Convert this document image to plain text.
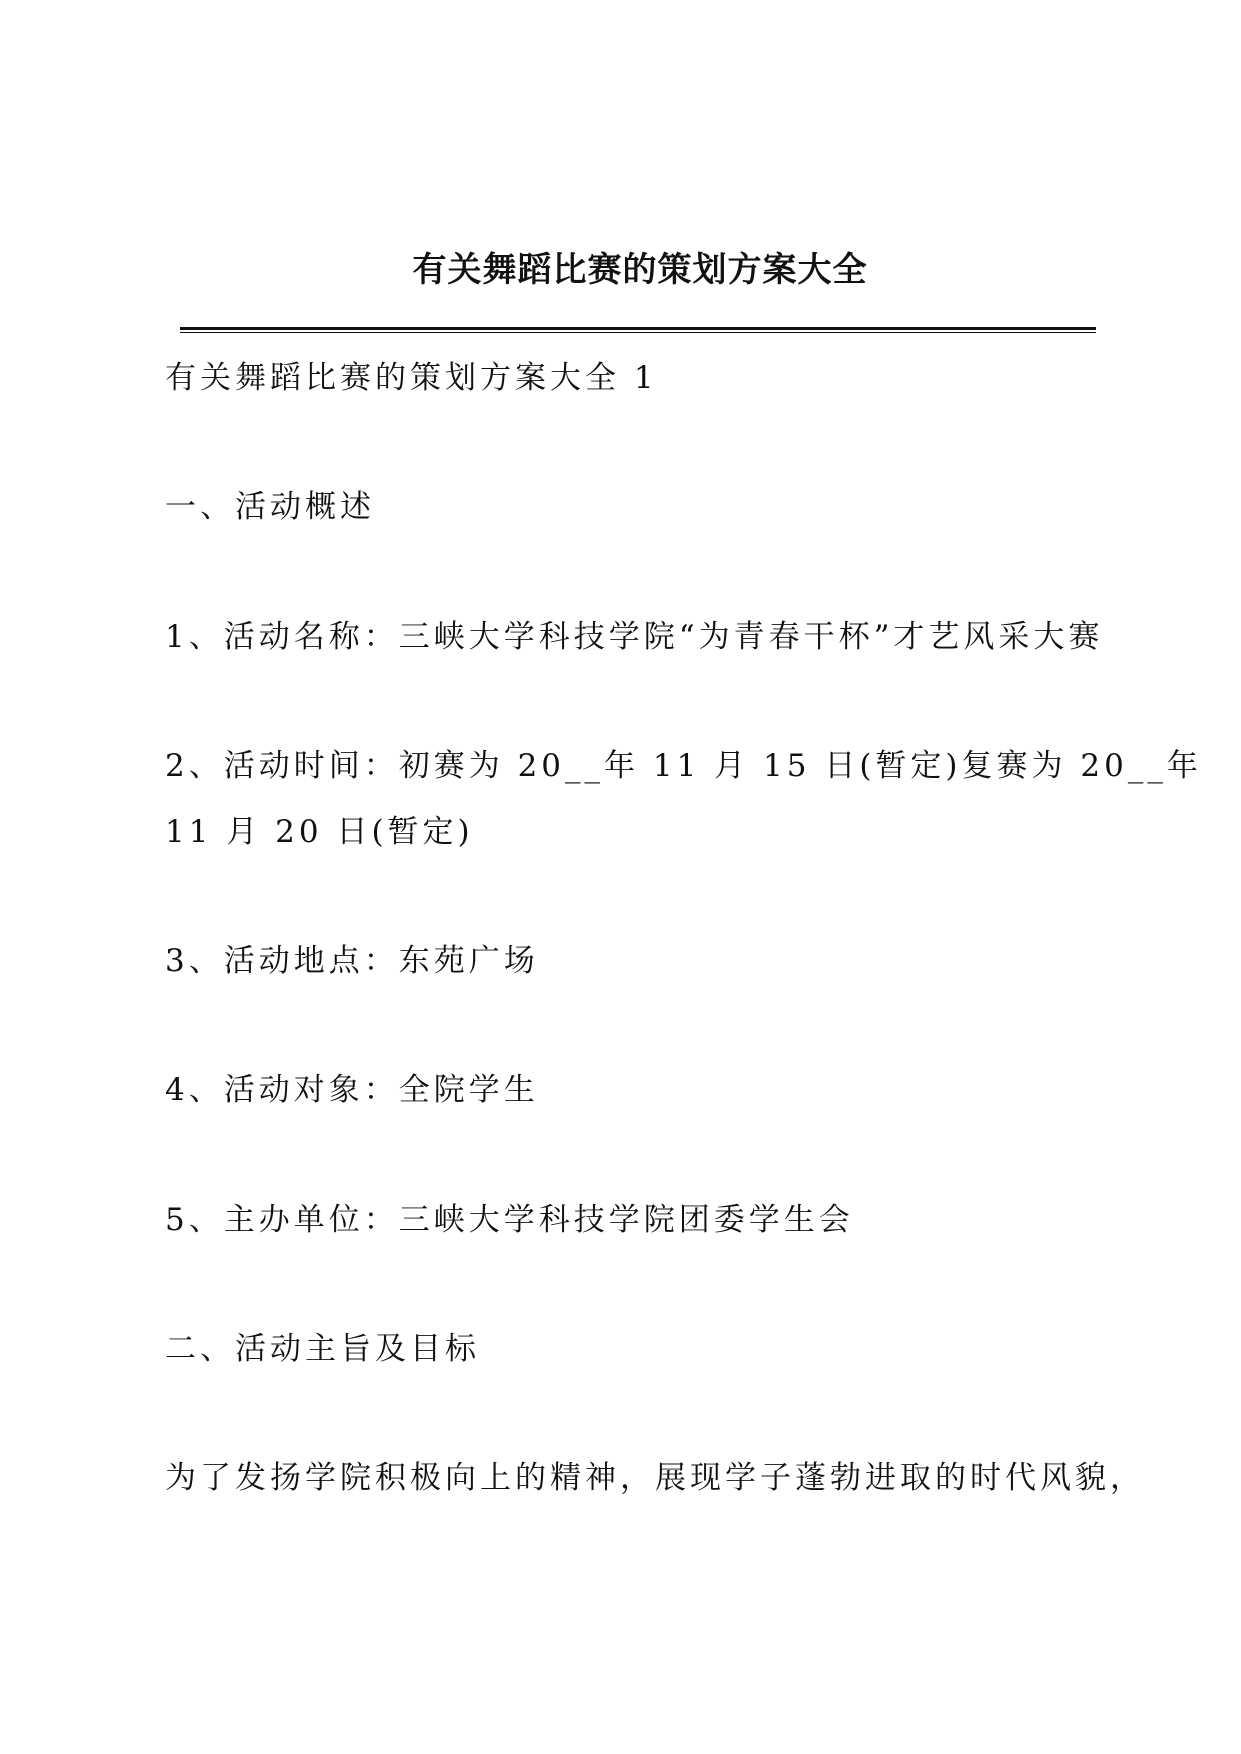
有关舞蹈比赛的策划方案大全

有关舞蹈比赛的策划方案大全 1

一、活动概述

1、活动名称：三峡大学科技学院“为青春干杯”才艺风采大赛

2、活动时间：初赛为 20__年 11 月 15 日(暂定)复赛为 20__年

11 月 20 日(暂定)

3、活动地点：东苑广场

4、活动对象：全院学生

5、主办单位：三峡大学科技学院团委学生会

二、活动主旨及目标

为了发扬学院积极向上的精神，展现学子蓬勃进取的时代风貌，
